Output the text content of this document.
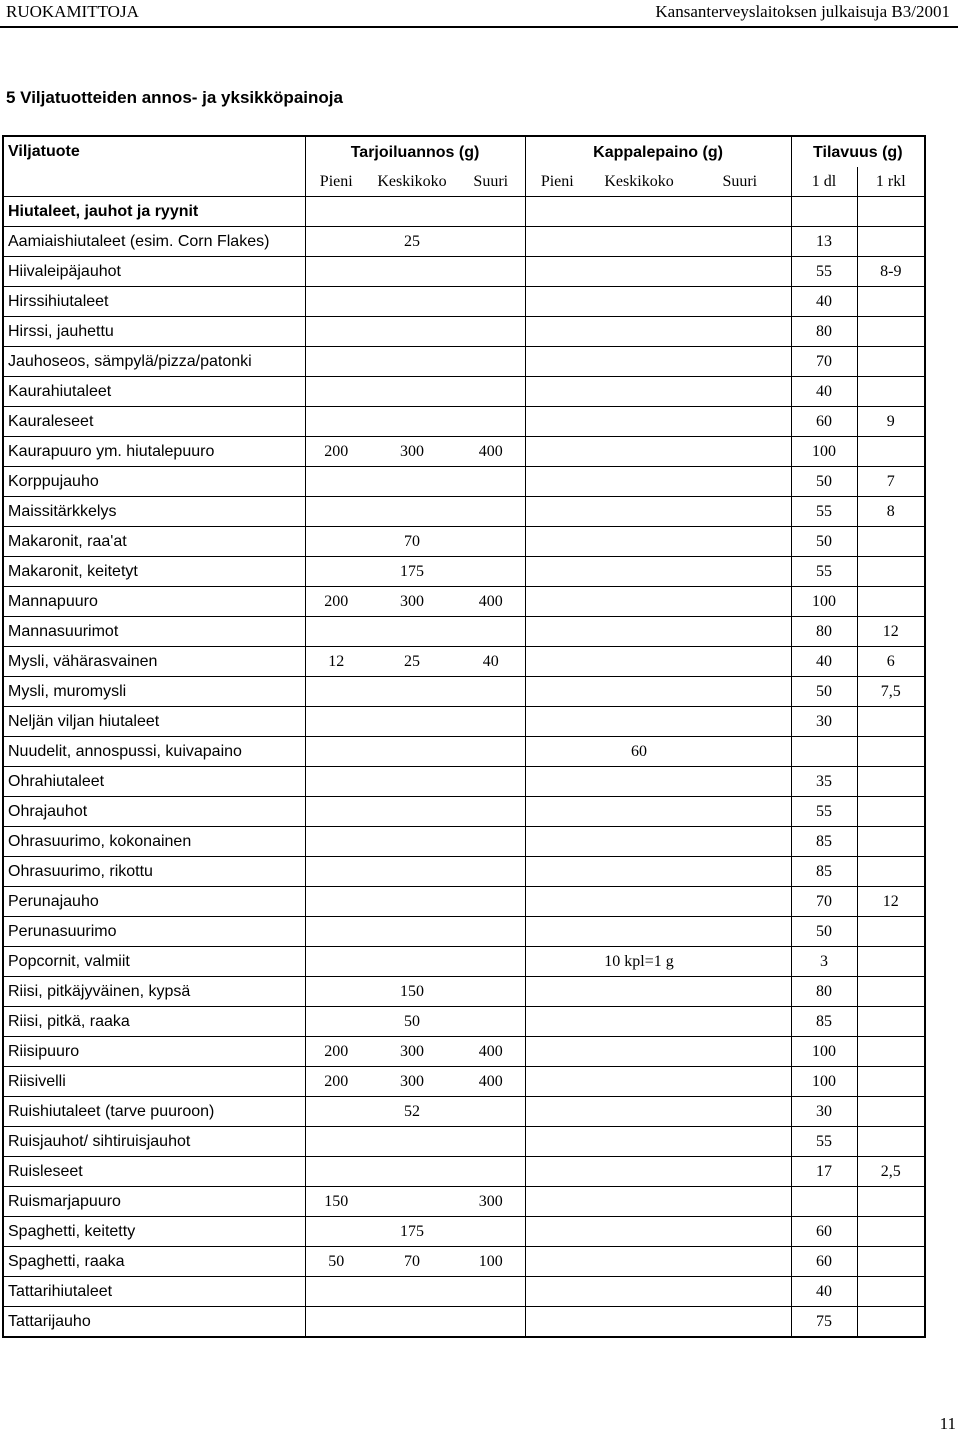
RUOKAMITTOJA	Kansanterveyslaitoksen julkaisuja B3/2001
5 Viljatuotteiden annos- ja yksikköpainoja
Viljatuote	Tarjoiluannos (g)			Kappalepaino (g)			Tilavuus (g)	
	Pieni	Keskikoko	Suuri	Pieni	Keskikoko	Suuri	1 dl	1 rkl
Hiutaleet, jauhot ja ryynit								
Aamiaishiutaleet (esim. Corn Flakes)		25					13	
Hiivaleipäjauhot							55	8-9
Hirssihiutaleet							40	
Hirssi, jauhettu							80	
Jauhoseos, sämpylä/pizza/patonki							70	
Kaurahiutaleet							40	
Kauraleseet							60	9
Kaurapuuro ym. hiutalepuuro	200	300	400				100	
Korppujauho							50	7
Maissitärkkelys							55	8
Makaronit, raa'at		70					50	
Makaronit, keitetyt		175					55	
Mannapuuro	200	300	400				100	
Mannasuurimot							80	12
Mysli, vähärasvainen	12	25	40				40	6
Mysli, muromysli							50	7,5
Neljän viljan hiutaleet							30	
Nuudelit, annospussi, kuivapaino					60			
Ohrahiutaleet							35	
Ohrajauhot							55	
Ohrasuurimo, kokonainen							85	
Ohrasuurimo, rikottu							85	
Perunajauho							70	12
Perunasuurimo							50	
Popcornit, valmiit					10 kpl=1 g		3	
Riisi, pitkäjyväinen, kypsä		150					80	
Riisi, pitkä, raaka		50					85	
Riisipuuro	200	300	400				100	
Riisivelli	200	300	400				100	
Ruishiutaleet (tarve puuroon)		52					30	
Ruisjauhot/ sihtiruisjauhot							55	
Ruisleseet							17	2,5
Ruismarjapuuro	150		300					
Spaghetti, keitetty		175					60	
Spaghetti, raaka	50	70	100				60	
Tattarihiutaleet							40	
Tattarijauho							75	
11
